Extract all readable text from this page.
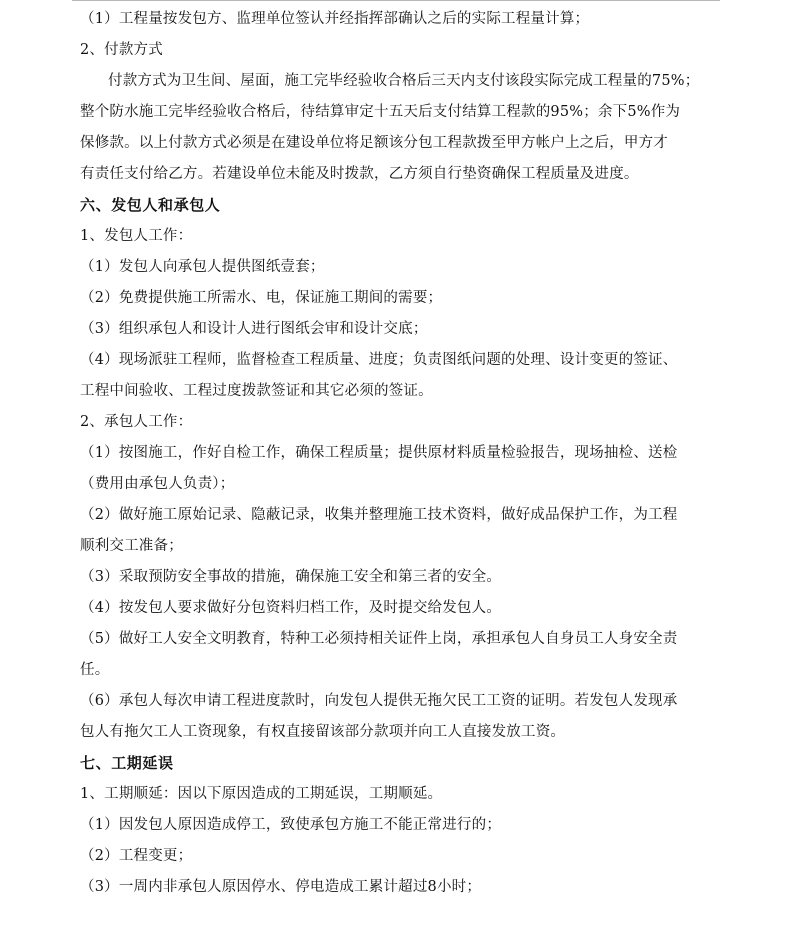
（1）工程量按发包方、监理单位签认并经指挥部确认之后的实际工程量计算；
2、付款方式
付款方式为卫生间、屋面，施工完毕经验收合格后三天内支付该段实际完成工程量的75%；
整个防水施工完毕经验收合格后，待结算审定十五天后支付结算工程款的95%；余下5%作为
保修款。以上付款方式必须是在建设单位将足额该分包工程款拨至甲方帐户上之后，甲方才
有责任支付给乙方。若建设单位未能及时拨款，乙方须自行垫资确保工程质量及进度。
六、发包人和承包人
1、发包人工作：
（1）发包人向承包人提供图纸壹套；
（2）免费提供施工所需水、电，保证施工期间的需要；
（3）组织承包人和设计人进行图纸会审和设计交底；
（4）现场派驻工程师，监督检查工程质量、进度；负责图纸问题的处理、设计变更的签证、
工程中间验收、工程过度拨款签证和其它必须的签证。
2、承包人工作：
（1）按图施工，作好自检工作，确保工程质量；提供原材料质量检验报告，现场抽检、送检
（费用由承包人负责）；
（2）做好施工原始记录、隐蔽记录，收集并整理施工技术资料，做好成品保护工作，为工程
顺利交工准备；
（3）采取预防安全事故的措施，确保施工安全和第三者的安全。
（4）按发包人要求做好分包资料归档工作，及时提交给发包人。
（5）做好工人安全文明教育，特种工必须持相关证件上岗，承担承包人自身员工人身安全责
任。
（6）承包人每次申请工程进度款时，向发包人提供无拖欠民工工资的证明。若发包人发现承
包人有拖欠工人工资现象，有权直接留该部分款项并向工人直接发放工资。
七、工期延误
1、工期顺延：因以下原因造成的工期延误，工期顺延。
（1）因发包人原因造成停工，致使承包方施工不能正常进行的；
（2）工程变更；
（3）一周内非承包人原因停水、停电造成工累计超过8小时；
